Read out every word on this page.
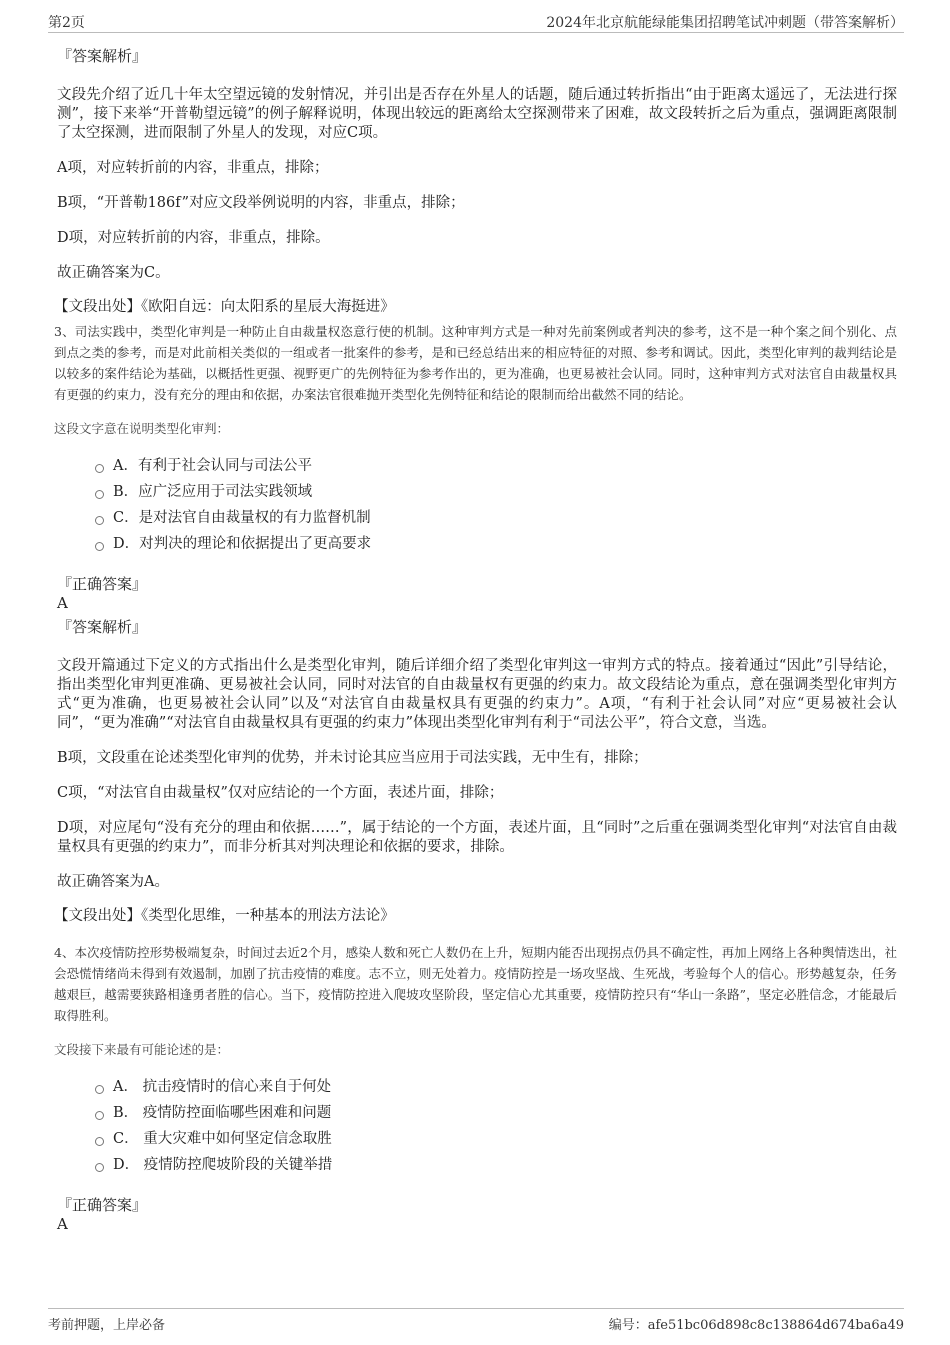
第2页	2024年北京航能绿能集团招聘笔试冲刺题（带答案解析）
『答案解析』
文段先介绍了近几十年太空望远镜的发射情况，并引出是否存在外星人的话题，随后通过转折指出“由于距离太遥远了，无法进行探测”，接下来举“开普勒望远镜”的例子解释说明，体现出较远的距离给太空探测带来了困难，故文段转折之后为重点，强调距离限制了太空探测，进而限制了外星人的发现，对应C项。
A项，对应转折前的内容，非重点，排除；
B项，“开普勒186f”对应文段举例说明的内容，非重点，排除；
D项，对应转折前的内容，非重点，排除。
故正确答案为C。
【文段出处】《欧阳自远：向太阳系的星辰大海挺进》
3、司法实践中，类型化审判是一种防止自由裁量权恣意行使的机制。这种审判方式是一种对先前案例或者判决的参考，这不是一种个案之间个别化、点到点之类的参考，而是对此前相关类似的一组或者一批案件的参考，是和已经总结出来的相应特征的对照、参考和调试。因此，类型化审判的裁判结论是以较多的案件结论为基础，以概括性更强、视野更广的先例特征为参考作出的，更为准确，也更易被社会认同。同时，这种审判方式对法官自由裁量权具有更强的约束力，没有充分的理由和依据，办案法官很难抛开类型化先例特征和结论的限制而给出截然不同的结论。
这段文字意在说明类型化审判：
A．有利于社会认同与司法公平
B．应广泛应用于司法实践领域
C．是对法官自由裁量权的有力监督机制
D．对判决的理论和依据提出了更高要求
『正确答案』
A
『答案解析』
文段开篇通过下定义的方式指出什么是类型化审判，随后详细介绍了类型化审判这一审判方式的特点。接着通过“因此”引导结论，指出类型化审判更准确、更易被社会认同，同时对法官的自由裁量权有更强的约束力。故文段结论为重点，意在强调类型化审判方式“更为准确，也更易被社会认同”以及“对法官自由裁量权具有更强的约束力”。A项，“有利于社会认同”对应“更易被社会认同”，“更为准确”“对法官自由裁量权具有更强的约束力”体现出类型化审判有利于“司法公平”，符合文意，当选。
B项，文段重在论述类型化审判的优势，并未讨论其应当应用于司法实践，无中生有，排除；
C项，“对法官自由裁量权”仅对应结论的一个方面，表述片面，排除；
D项，对应尾句“没有充分的理由和依据……”，属于结论的一个方面，表述片面，且“同时”之后重在强调类型化审判“对法官自由裁量权具有更强的约束力”，而非分析其对判决理论和依据的要求，排除。
故正确答案为A。
【文段出处】《类型化思维，一种基本的刑法方法论》
4、本次疫情防控形势极端复杂，时间过去近2个月，感染人数和死亡人数仍在上升，短期内能否出现拐点仍具不确定性，再加上网络上各种舆情迭出，社会恐慌情绪尚未得到有效遏制，加剧了抗击疫情的难度。志不立，则无处着力。疫情防控是一场攻坚战、生死战，考验每个人的信心。形势越复杂，任务越艰巨，越需要狭路相逢勇者胜的信心。当下，疫情防控进入爬坡攻坚阶段，坚定信心尤其重要，疫情防控只有“华山一条路”，坚定必胜信念，才能最后取得胜利。
文段接下来最有可能论述的是：
A． 抗击疫情时的信心来自于何处
B． 疫情防控面临哪些困难和问题
C． 重大灾难中如何坚定信念取胜
D． 疫情防控爬坡阶段的关键举措
『正确答案』
A
考前押题，上岸必备	编号：afe51bc06d898c8c138864d674ba6a49
